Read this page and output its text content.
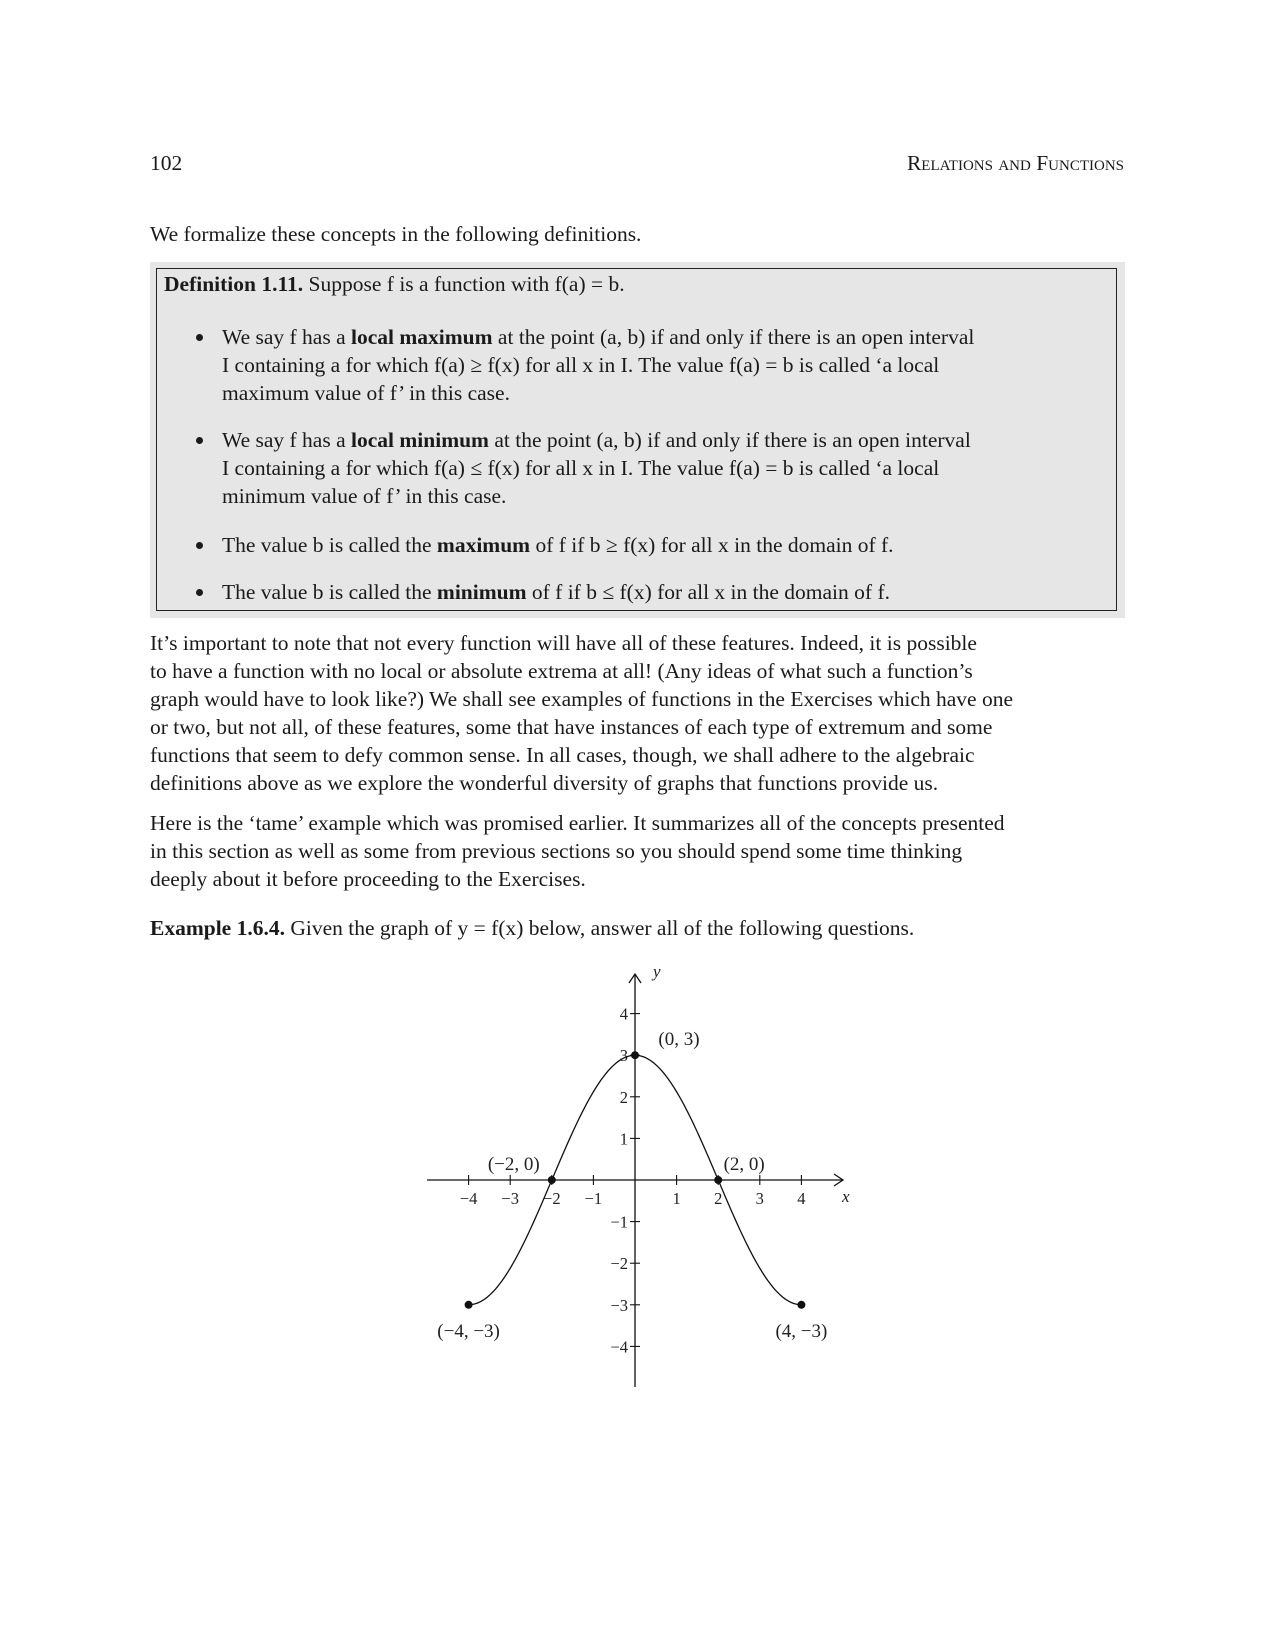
102	Relations and Functions
We formalize these concepts in the following definitions.
Definition 1.11. Suppose f is a function with f(a) = b.
We say f has a local maximum at the point (a, b) if and only if there is an open interval
I containing a for which f(a) ≥ f(x) for all x in I. The value f(a) = b is called ‘a local
maximum value of f’ in this case.
We say f has a local minimum at the point (a, b) if and only if there is an open interval
I containing a for which f(a) ≤ f(x) for all x in I. The value f(a) = b is called ‘a local
minimum value of f’ in this case.
The value b is called the maximum of f if b ≥ f(x) for all x in the domain of f.
The value b is called the minimum of f if b ≤ f(x) for all x in the domain of f.
It’s important to note that not every function will have all of these features. Indeed, it is possible
to have a function with no local or absolute extrema at all! (Any ideas of what such a function’s
graph would have to look like?) We shall see examples of functions in the Exercises which have one
or two, but not all, of these features, some that have instances of each type of extremum and some
functions that seem to defy common sense. In all cases, though, we shall adhere to the algebraic
definitions above as we explore the wonderful diversity of graphs that functions provide us.
Here is the ‘tame’ example which was promised earlier. It summarizes all of the concepts presented
in this section as well as some from previous sections so you should spend some time thinking
deeply about it before proceeding to the Exercises.
Example 1.6.4. Given the graph of y = f(x) below, answer all of the following questions.
x
y
−4 −3 −2 −1	1 2 3 4
4
3
2
1
−1
−2
−3
−4
(−4, −3)
(−2, 0)
(0, 3)
(2, 0)
(4, −3)
